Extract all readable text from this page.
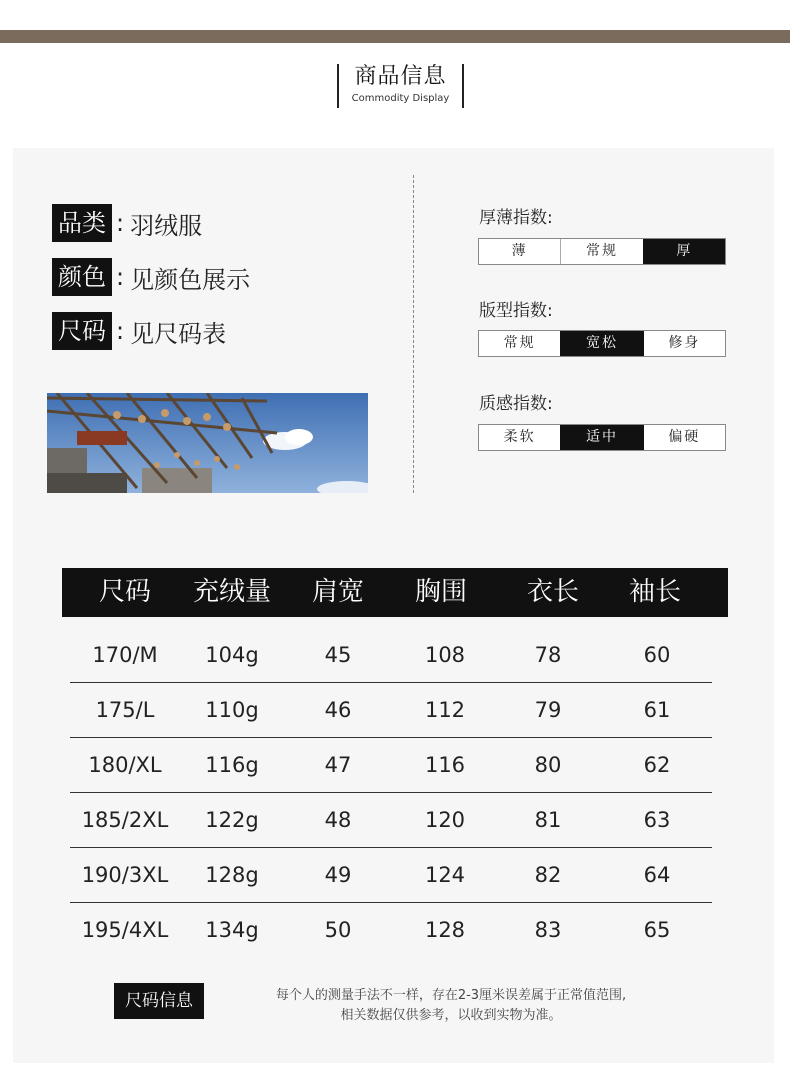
商品信息
Commodity Display
品类 : 羽绒服
颜色 : 见颜色展示
尺码 : 见尺码表
厚薄指数:
薄	常规	厚
版型指数:
常规	宽松	修身
质感指数:
柔软	适中	偏硬
尺码 充绒量 肩宽 胸围 衣长 袖长
170/M 104g	45	108	78	60
175/L 110g	46	112	79	61
180/XL 116g	47	116	80	62
185/2XL 122g	48	120	81	63
190/3XL 128g	49	124	82	64
195/4XL 134g	50	128	83	65
尺码信息	每个人的测量手法不一样，存在2-3厘米误差属于正常值范围,
相关数据仅供参考，以收到实物为准。
